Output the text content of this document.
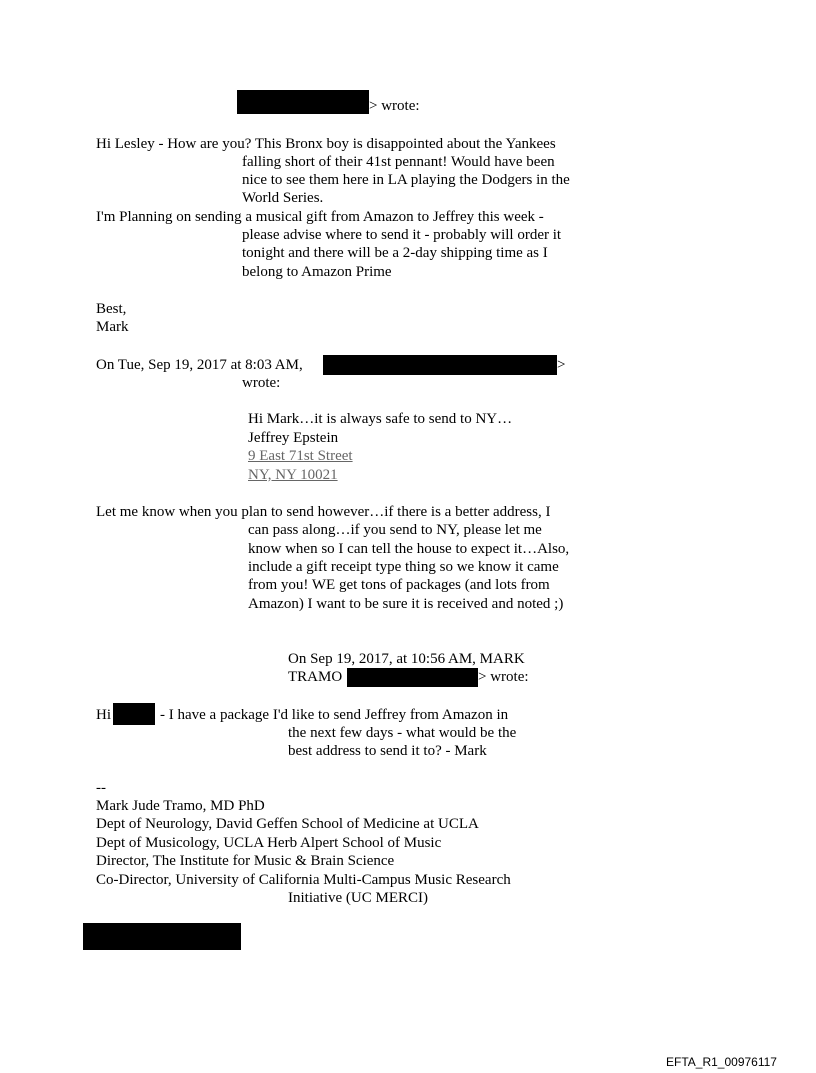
> wrote:
Hi Lesley - How are you? This Bronx boy is disappointed about the Yankees
falling short of their 41st pennant! Would have been
nice to see them here in LA playing the Dodgers in the
World Series.
I'm Planning on sending a musical gift from Amazon to Jeffrey this week -
please advise where to send it - probably will order it
tonight and there will be a 2-day shipping time as I
belong to Amazon Prime
Best,
Mark
On Tue, Sep 19, 2017 at 8:03 AM,	>
wrote:
Hi Mark…it is always safe to send to NY…
Jeffrey Epstein
9 East 71st Street
NY, NY 10021
Let me know when you plan to send however…if there is a better address, I
can pass along…if you send to NY, please let me
know when so I can tell the house to expect it…Also,
include a gift receipt type thing so we know it came
from you! WE get tons of packages (and lots from
Amazon) I want to be sure it is received and noted ;)
On Sep 19, 2017, at 10:56 AM, MARK
TRAMO	> wrote:
Hi	- I have a package I'd like to send Jeffrey from Amazon in
the next few days - what would be the
best address to send it to? - Mark
--
Mark Jude Tramo, MD PhD
Dept of Neurology, David Geffen School of Medicine at UCLA
Dept of Musicology, UCLA Herb Alpert School of Music
Director, The Institute for Music & Brain Science
Co-Director, University of California Multi-Campus Music Research
Initiative (UC MERCI)
EFTA_R1_00976117
